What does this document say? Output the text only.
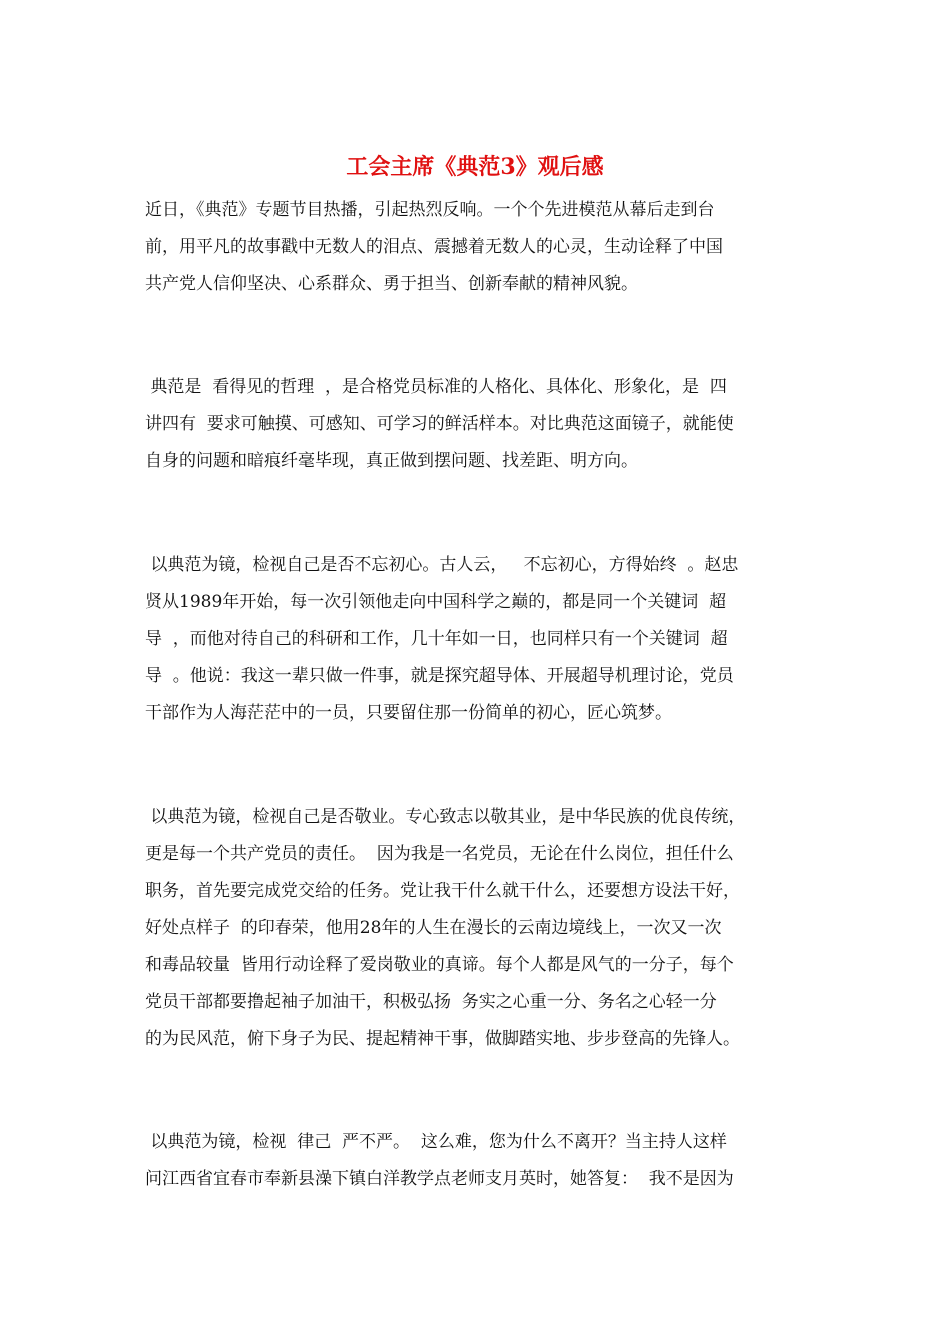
工会主席《典范3》观后感
近日，《典范》专题节目热播，引起热烈反响。一个个先进模范从幕后走到台
前，用平凡的故事戳中无数人的泪点、震撼着无数人的心灵，生动诠释了中国
共产党人信仰坚决、心系群众、勇于担当、创新奉献的精神风貌。
典范是  看得见的哲理  ，是合格党员标准的人格化、具体化、形象化，是  四
讲四有  要求可触摸、可感知、可学习的鲜活样本。对比典范这面镜子，就能使
自身的问题和暗痕纤毫毕现，真正做到摆问题、找差距、明方向。
以典范为镜，检视自己是否不忘初心。古人云，   不忘初心，方得始终  。赵忠
贤从1989年开始，每一次引领他走向中国科学之巅的，都是同一个关键词  超
导  ，而他对待自己的科研和工作，几十年如一日，也同样只有一个关键词  超
导  。他说：我这一辈只做一件事，就是探究超导体、开展超导机理讨论，党员
干部作为人海茫茫中的一员，只要留住那一份简单的初心，匠心筑梦。
以典范为镜，检视自己是否敬业。专心致志以敬其业，是中华民族的优良传统，
更是每一个共产党员的责任。  因为我是一名党员，无论在什么岗位，担任什么
职务，首先要完成党交给的任务。党让我干什么就干什么，还要想方设法干好，
好处点样子  的印春荣，他用28年的人生在漫长的云南边境线上，一次又一次
和毒品较量  皆用行动诠释了爱岗敬业的真谛。每个人都是风气的一分子，每个
党员干部都要撸起袖子加油干，积极弘扬  务实之心重一分、务名之心轻一分
的为民风范，俯下身子为民、提起精神干事，做脚踏实地、步步登高的先锋人。
以典范为镜，检视  律己  严不严。  这么难，您为什么不离开？当主持人这样
问江西省宜春市奉新县澡下镇白洋教学点老师支月英时，她答复：  我不是因为
